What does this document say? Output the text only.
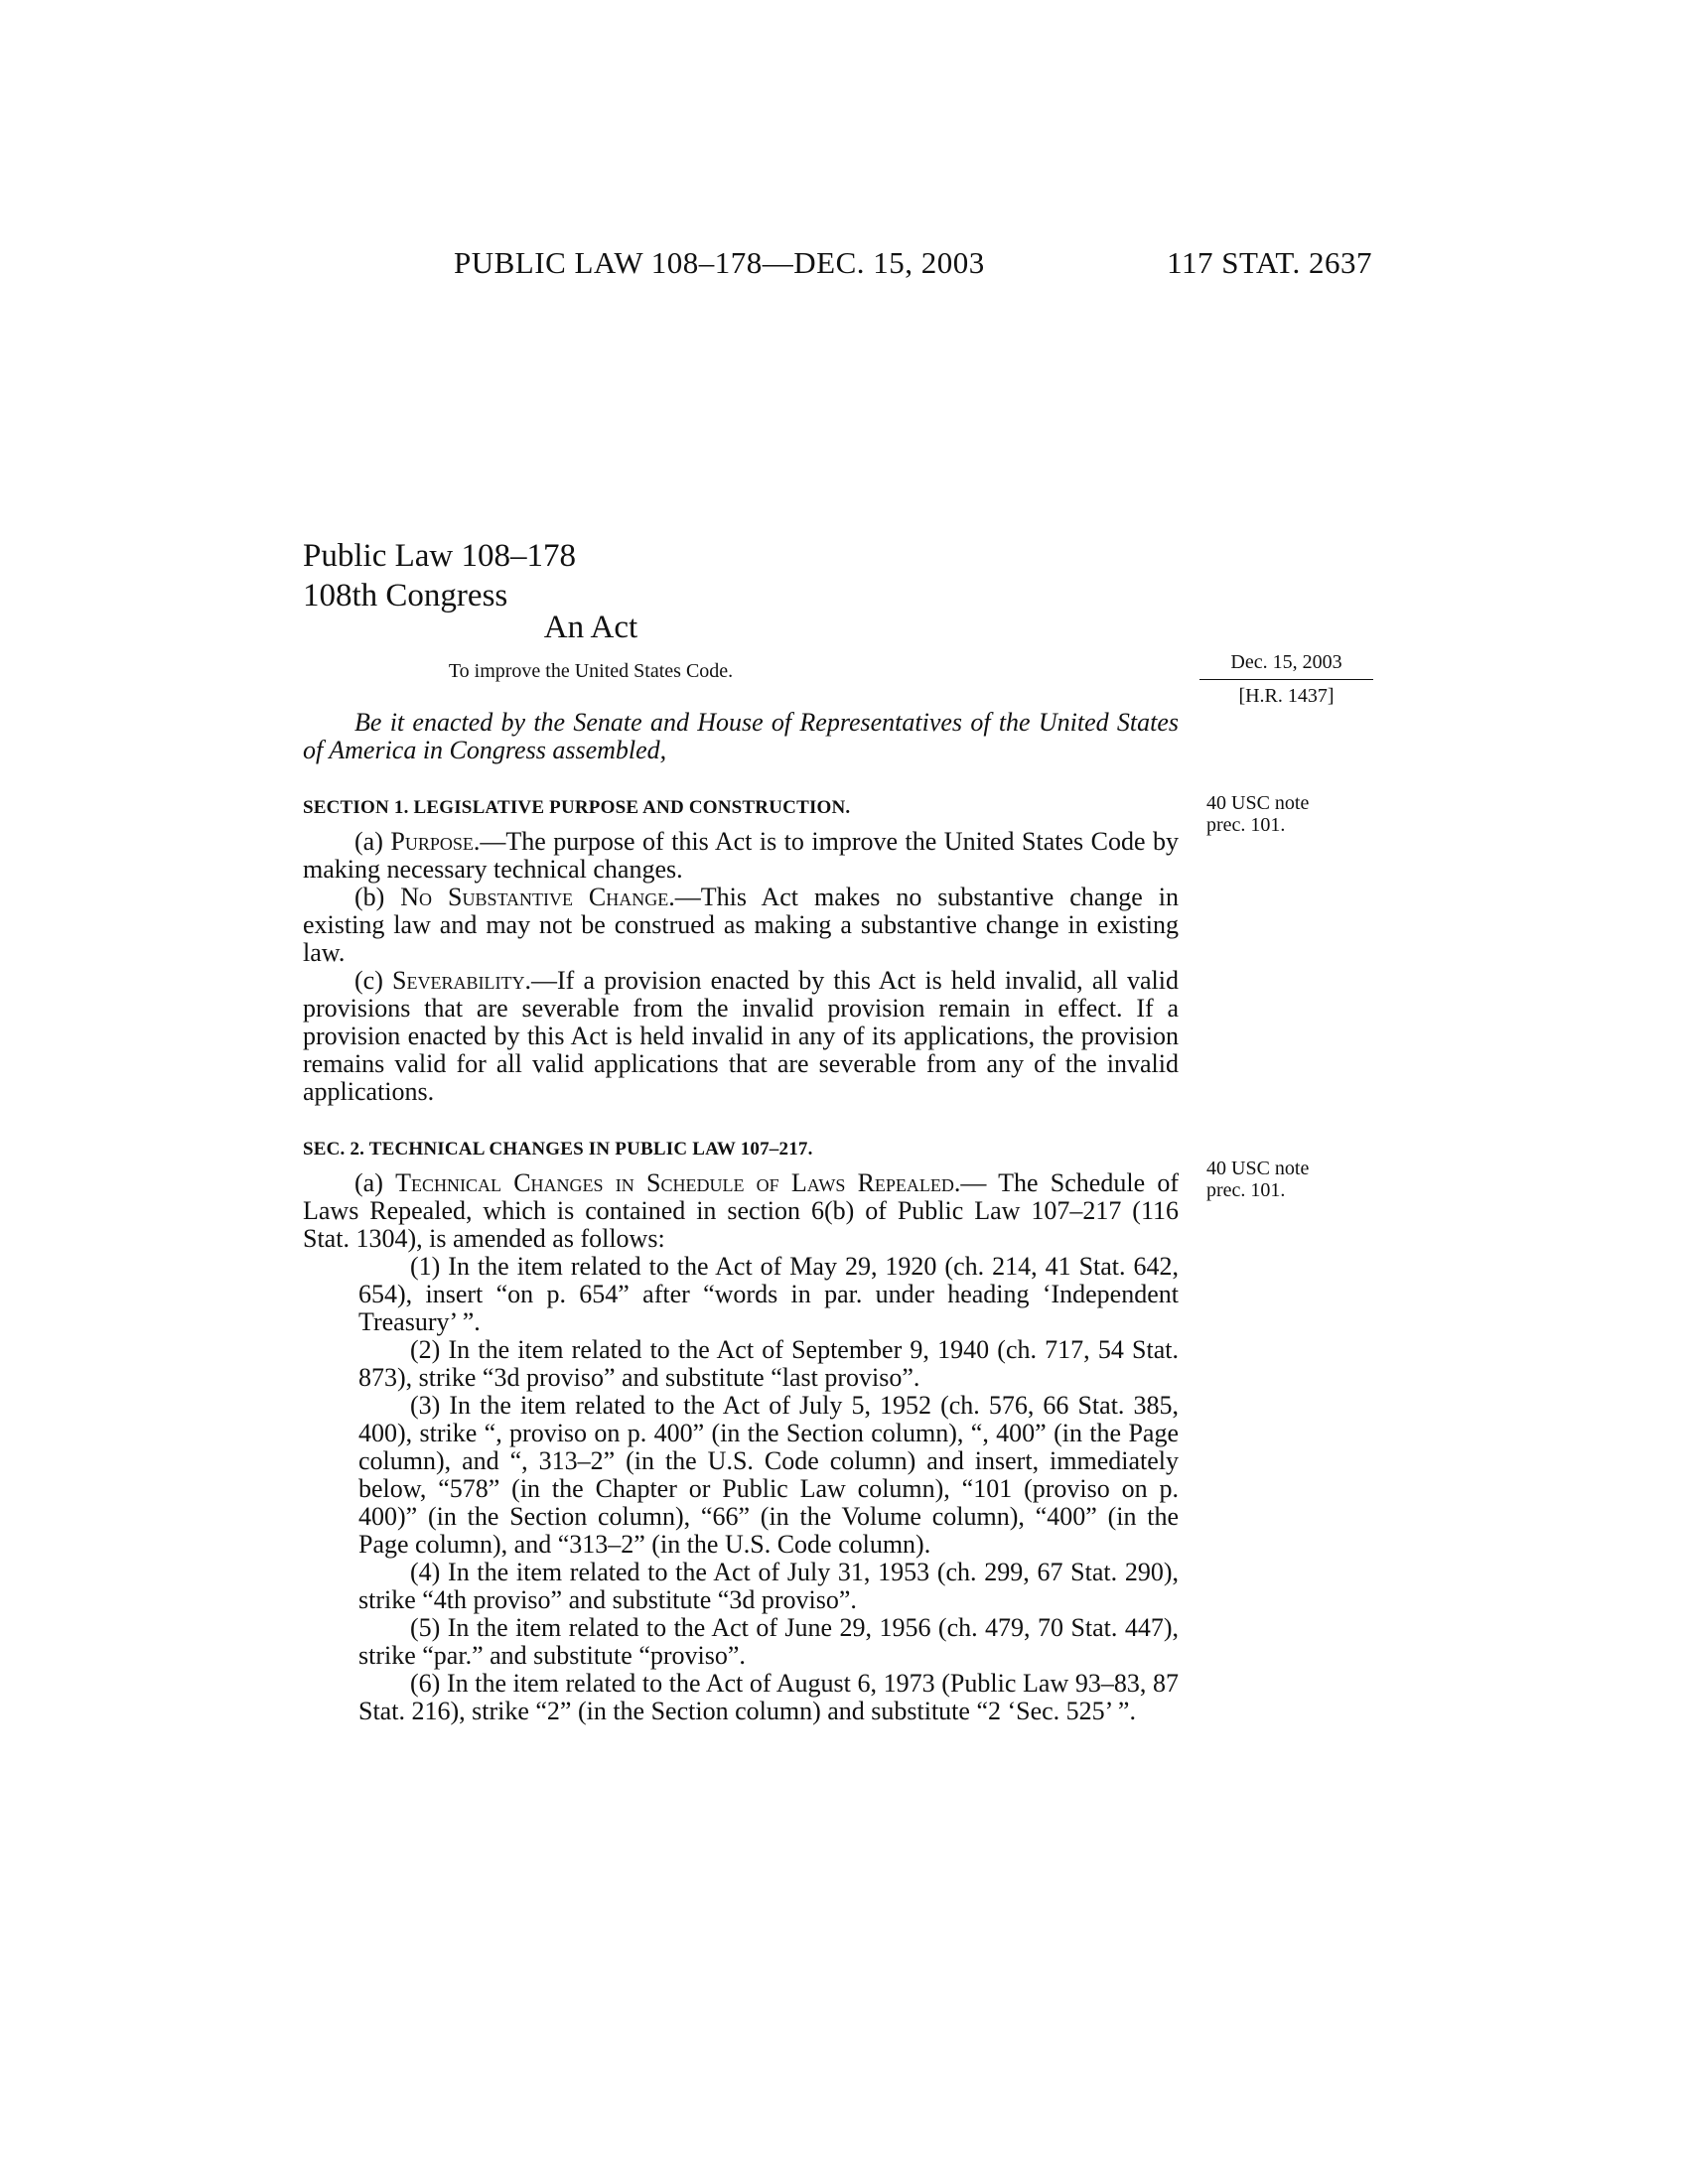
PUBLIC LAW 108–178—DEC. 15, 2003	117 STAT. 2637
Public Law 108–178
108th Congress
An Act
To improve the United States Code.	Dec. 15, 2003
[H.R. 1437]
40 USC note
prec. 101.
40 USC note
prec. 101.

Be it enacted by the Senate and House of Representatives of the United States of America in Congress assembled,

SECTION 1. LEGISLATIVE PURPOSE AND CONSTRUCTION.

(a) Purpose.—The purpose of this Act is to improve the United States Code by making necessary technical changes.

(b) No Substantive Change.—This Act makes no substantive change in existing law and may not be construed as making a substantive change in existing law.

(c) Severability.—If a provision enacted by this Act is held invalid, all valid provisions that are severable from the invalid provision remain in effect. If a provision enacted by this Act is held invalid in any of its applications, the provision remains valid for all valid applications that are severable from any of the invalid applications.

SEC. 2. TECHNICAL CHANGES IN PUBLIC LAW 107–217.

(a) Technical Changes in Schedule of Laws Repealed.— The Schedule of Laws Repealed, which is contained in section 6(b) of Public Law 107–217 (116 Stat. 1304), is amended as follows:

(1) In the item related to the Act of May 29, 1920 (ch. 214, 41 Stat. 642, 654), insert “on p. 654” after “words in par. under heading ‘Independent Treasury’ ”.

(2) In the item related to the Act of September 9, 1940 (ch. 717, 54 Stat. 873), strike “3d proviso” and substitute “last proviso”.

(3) In the item related to the Act of July 5, 1952 (ch. 576, 66 Stat. 385, 400), strike “, proviso on p. 400” (in the Section column), “, 400” (in the Page column), and “, 313–2” (in the U.S. Code column) and insert, immediately below, “578” (in the Chapter or Public Law column), “101 (proviso on p. 400)” (in the Section column), “66” (in the Volume column), “400” (in the Page column), and “313–2” (in the U.S. Code column).

(4) In the item related to the Act of July 31, 1953 (ch. 299, 67 Stat. 290), strike “4th proviso” and substitute “3d proviso”.

(5) In the item related to the Act of June 29, 1956 (ch. 479, 70 Stat. 447), strike “par.” and substitute “proviso”.

(6) In the item related to the Act of August 6, 1973 (Public Law 93–83, 87 Stat. 216), strike “2” (in the Section column) and substitute “2 ‘Sec. 525’ ”.
